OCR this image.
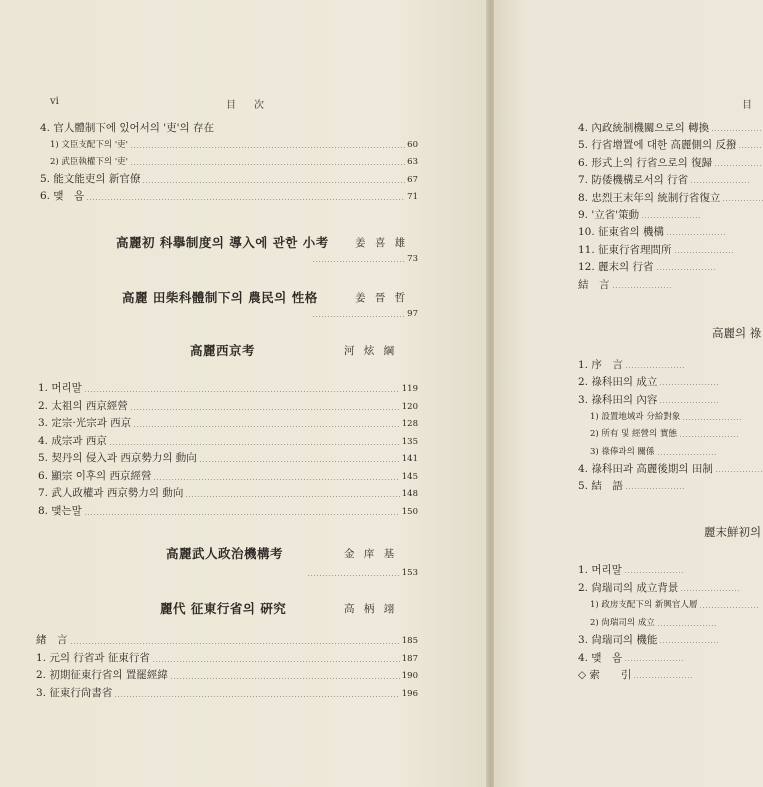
vi	目　次
4. 官人體制下에 있어서의 '吏'의 存在
1) 文臣支配下의 '吏'	60
2) 武臣執權下의 '吏'	63
5. 能文能吏의 新官僚	67
6. 맺　음	71
高麗初 科擧制度의 導入에 관한 小考	姜 喜 雄
73
高麗 田柴科體制下의 農民의 性格	姜 晉 哲
97
高麗西京考	河 炫 綱
1. 머리말	119
2. 太祖의 西京經營	120
3. 定宗·光宗과 西京	128
4. 成宗과 西京	135
5. 契丹의 侵入과 西京勢力의 動向	141
6. 顯宗 이후의 西京經營	145
7. 武人政權과 西京勢力의 動向	148
8. 맺는말	150
高麗武人政治機構考	金 庠 基
153
麗代 征東行省의 硏究	高 柄 翊
緖　言	185
1. 元의 行省과 征東行省	187
2. 初期征東行省의 置罷經緯	190
3. 征東行尙書省	196
目
4. 內政統制機關으로의 轉換
5. 行省增置에 대한 高麗側의 反撥
6. 形式上의 行省으로의 復歸
7. 防倭機構로서의 行省
8. 忠烈王末年의 統制行省復立
9. '立省'策動
10. 征東省의 機構
11. 征東行省理問所
12. 麗末의 行省
結　言
高麗의 祿
1. 序　言
2. 祿科田의 成立
3. 祿科田의 內容
1) 設置地域과 分給對象
2) 所有 및 經營의 實態
3) 祿俸과의 關係
4. 祿科田과 高麗後期의 田制
5. 結　語
麗末鮮初의
1. 머리말
2. 尙瑞司의 成立背景
1) 政房支配下의 新興官人層
2) 尙瑞司의 成立
3. 尙瑞司의 機能
4. 맺　음
◇ 索　　引
